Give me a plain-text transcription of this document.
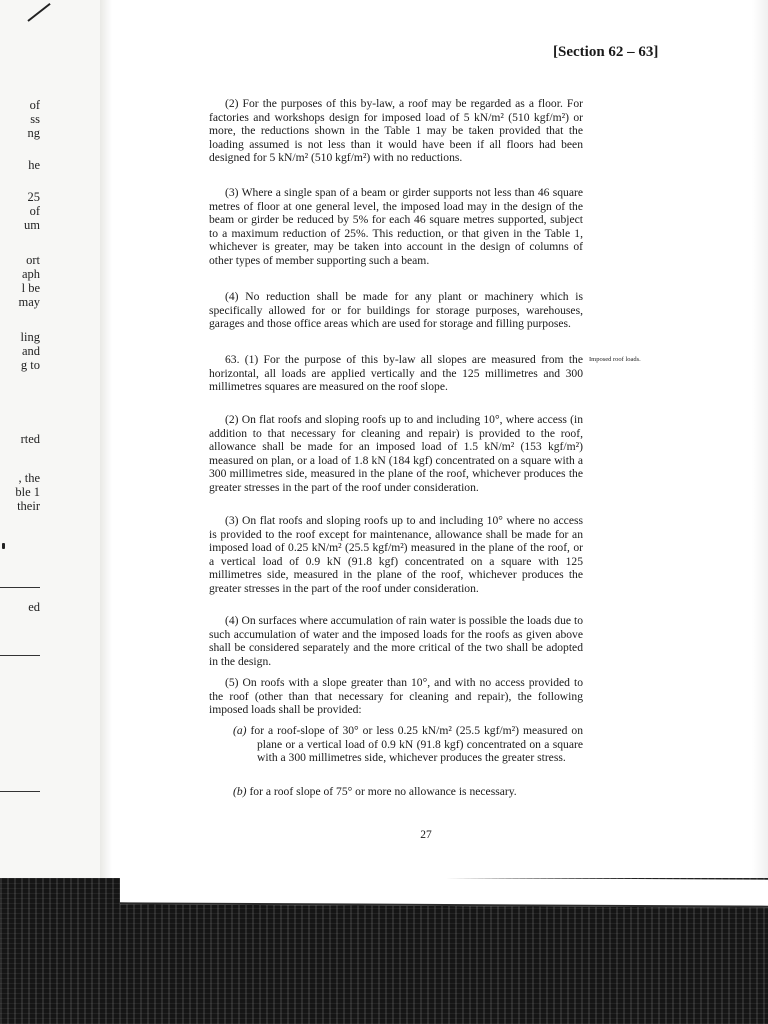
of
ss
ng
he
25
of
um
ort
aph
l be
may
ling
and
g to
rted
, the
ble 1
their
ed
[Section 62 – 63]

(2) For the purposes of this by-law, a roof may be regarded as a floor. For factories and workshops design for imposed load of 5 kN/m² (510 kgf/m²) or more, the reductions shown in the Table 1 may be taken provided that the loading assumed is not less than it would have been if all floors had been designed for 5 kN/m² (510 kgf/m²) with no reductions.

(3) Where a single span of a beam or girder supports not less than 46 square metres of floor at one general level, the imposed load may in the design of the beam or girder be reduced by 5% for each 46 square metres supported, subject to a maximum reduction of 25%. This reduction, or that given in the Table 1, whichever is greater, may be taken into account in the design of columns of other types of member supporting such a beam.

(4) No reduction shall be made for any plant or machinery which is specifically allowed for or for buildings for storage purposes, warehouses, garages and those office areas which are used for storage and filling purposes.

63. (1) For the purpose of this by-law all slopes are measured from the horizontal, all loads are applied vertically and the 125 millimetres and 300 millimetres squares are measured on the roof slope.

Imposed roof loads.

(2) On flat roofs and sloping roofs up to and including 10°, where access (in addition to that necessary for cleaning and repair) is provided to the roof, allowance shall be made for an imposed load of 1.5 kN/m² (153 kgf/m²) measured on plan, or a load of 1.8 kN (184 kgf) concentrated on a square with a 300 millimetres side, measured in the plane of the roof, whichever produces the greater stresses in the part of the roof under consideration.

(3) On flat roofs and sloping roofs up to and including 10° where no access is provided to the roof except for maintenance, allowance shall be made for an imposed load of 0.25 kN/m² (25.5 kgf/m²) measured in the plane of the roof, or a vertical load of 0.9 kN (91.8 kgf) concentrated on a square with 125 millimetres side, measured in the plane of the roof, whichever produces the greater stresses in the part of the roof under consideration.

(4) On surfaces where accumulation of rain water is possible the loads due to such accumulation of water and the imposed loads for the roofs as given above shall be considered separately and the more critical of the two shall be adopted in the design.

(5) On roofs with a slope greater than 10°, and with no access provided to the roof (other than that necessary for cleaning and repair), the following imposed loads shall be provided:

(a) for a roof-slope of 30° or less 0.25 kN/m² (25.5 kgf/m²) measured on plane or a vertical load of 0.9 kN (91.8 kgf) concentrated on a square with a 300 millimetres side, whichever produces the greater stress.

(b) for a roof slope of 75° or more no allowance is necessary.

27
